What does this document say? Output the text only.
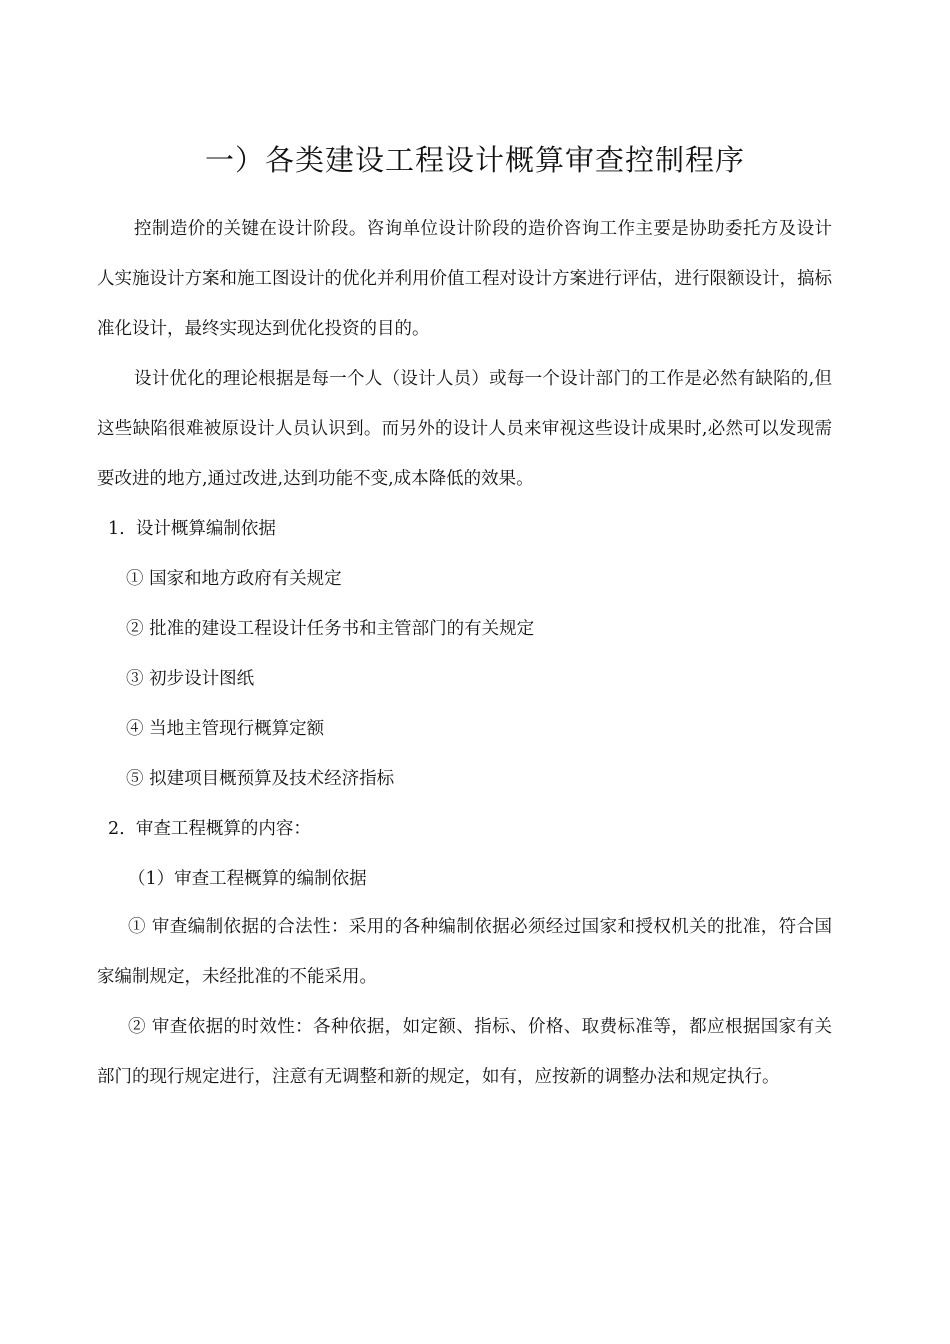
一）各类建设工程设计概算审查控制程序

控制造价的关键在设计阶段。咨询单位设计阶段的造价咨询工作主要是协助委托方及设计人实施设计方案和施工图设计的优化并利用价值工程对设计方案进行评估，进行限额设计，搞标准化设计，最终实现达到优化投资的目的。

设计优化的理论根据是每一个人（设计人员）或每一个设计部门的工作是必然有缺陷的,但这些缺陷很难被原设计人员认识到。而另外的设计人员来审视这些设计成果时,必然可以发现需要改进的地方,通过改进,达到功能不变,成本降低的效果。

1. 设计概算编制依据
① 国家和地方政府有关规定
② 批准的建设工程设计任务书和主管部门的有关规定
③ 初步设计图纸
④ 当地主管现行概算定额
⑤ 拟建项目概预算及技术经济指标
2. 审查工程概算的内容：
（1）审查工程概算的编制依据

① 审查编制依据的合法性：采用的各种编制依据必须经过国家和授权机关的批准，符合国家编制规定，未经批准的不能采用。

② 审查依据的时效性：各种依据，如定额、指标、价格、取费标准等，都应根据国家有关部门的现行规定进行，注意有无调整和新的规定，如有，应按新的调整办法和规定执行。
